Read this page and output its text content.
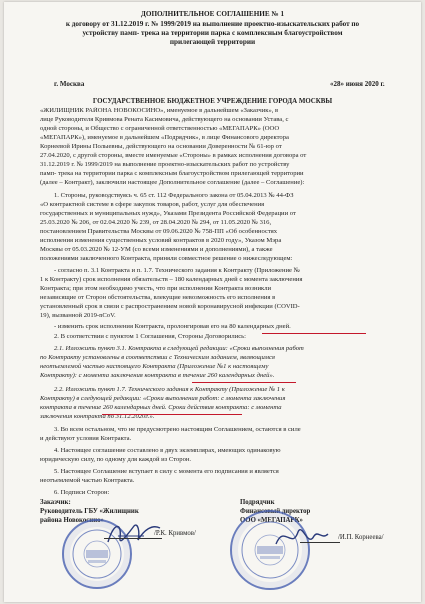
ДОПОЛНИТЕЛЬНОЕ СОГЛАШЕНИЕ № 1
к договору от 31.12.2019 г. № 1999/2019 на выполнение проектно-изыскательских работ по
устройству памп- трека на территории парка с комплексным благоустройством
прилегающей территории
г. Москва	«28» июня 2020 г.
ГОСУДАРСТВЕННОЕ БЮДЖЕТНОЕ УЧРЕЖДЕНИЕ ГОРОДА МОСКВЫ
«ЖИЛИЩНИК РАЙОНА НОВОКОСИНО», именуемое в дальнейшем «Заказчик», в
лице Руководителя Кривмова Рената Касимовича, действующего на основании Устава, с
одной стороны, и Общество с ограниченной ответственностью «МЕГАПАРК» (ООО
«МЕГАПАРК»), именуемое в дальнейшем «Подрядчик», в лице Финансового директора
Корнеевой Ирины Полыевны, действующего на основании Доверенности № 61-юр от
27.04.2020, с другой стороны, вместе именуемые «Стороны» в рамках исполнения договора от
31.12.2019 г. № 1999/2019 на выполнение проектно-изыскательских работ по устройству
памп- трека на территории парка с комплексным благоустройством прилегающей территории
(далее – Контракт), заключили настоящее Дополнительное соглашение (далее – Соглашение):
1. Стороны, руководствуясь ч. 65 ст. 112 Федерального закона от 05.04.2013 № 44-ФЗ
«О контрактной системе в сфере закупок товаров, работ, услуг для обеспечения
государственных и муниципальных нужд», Указами Президента Российской Федерации от
25.03.2020 № 206, от 02.04.2020 № 239, от 28.04.2020 № 294, от 11.05.2020 № 316,
постановлением Правительства Москвы от 09.06.2020 № 758-ПП «Об особенностях
исполнения изменения существенных условий контрактов в 2020 году», Указом Мэра
Москвы от 05.03.2020 № 12-УМ (со всеми изменениями и дополнениями), а также
положениями заключенного Контракта, приняли совместное решение о нижеследующем:
- согласно п. 3.1 Контракта и п. 1.7. Технического задания к Контракту (Приложение №
1 к Контракту) срок исполнения обязательств – 180 календарных дней с момента заключения
Контракта; при этом необходимо учесть, что при исполнении Контракта возникли
независящие от Сторон обстоятельства, влекущие невозможность его исполнения в
установленный срок в связи с распространением новой коронавирусной инфекции (COVID-
19), вызванной 2019-nCoV.
- изменить срок исполнения Контракта, пролонгировав его на 80 календарных дней.
2. В соответствии с пунктом 1 Соглашения, Стороны Договорились:
2.1. Изложить пункт 3.1. Контракта в следующей редакции: «Сроки выполнения работ
по Контракту установлены в соответствии с Техническим заданием, являющимся
неотъемлемой частью настоящего Контракта (Приложение №1 к настоящему
Контракту): с момента заключения контракта в течение 260 календарных дней».
2.2. Изложить пункт 1.7. Технического задания к Контракту (Приложение № 1 к
Контракту) в следующей редакции: «Сроки выполнения работ: с момента заключения
контракта в течение 260 календарных дней. Сроки действия контракта: с момента
заключения контракта по 31.12.2020г.».
3. Во всем остальном, что не предусмотрено настоящим Соглашением, остаются в силе
и действуют условия Контракта.
4. Настоящее соглашение составлено в двух экземплярах, имеющих одинаковую
юридическую силу, по одному для каждой из Сторон.
5. Настоящее Соглашение вступает в силу с момента его подписания и является
неотъемлемой частью Контракта.
6. Подписи Сторон:
Заказчик:
Руководитель ГБУ «Жилищник
района Новокосино»
/Р.К. Кривмов/
Подрядчик
Финансовый директор
ООО «МЕГАПАРК»
/И.П. Корнеева/
